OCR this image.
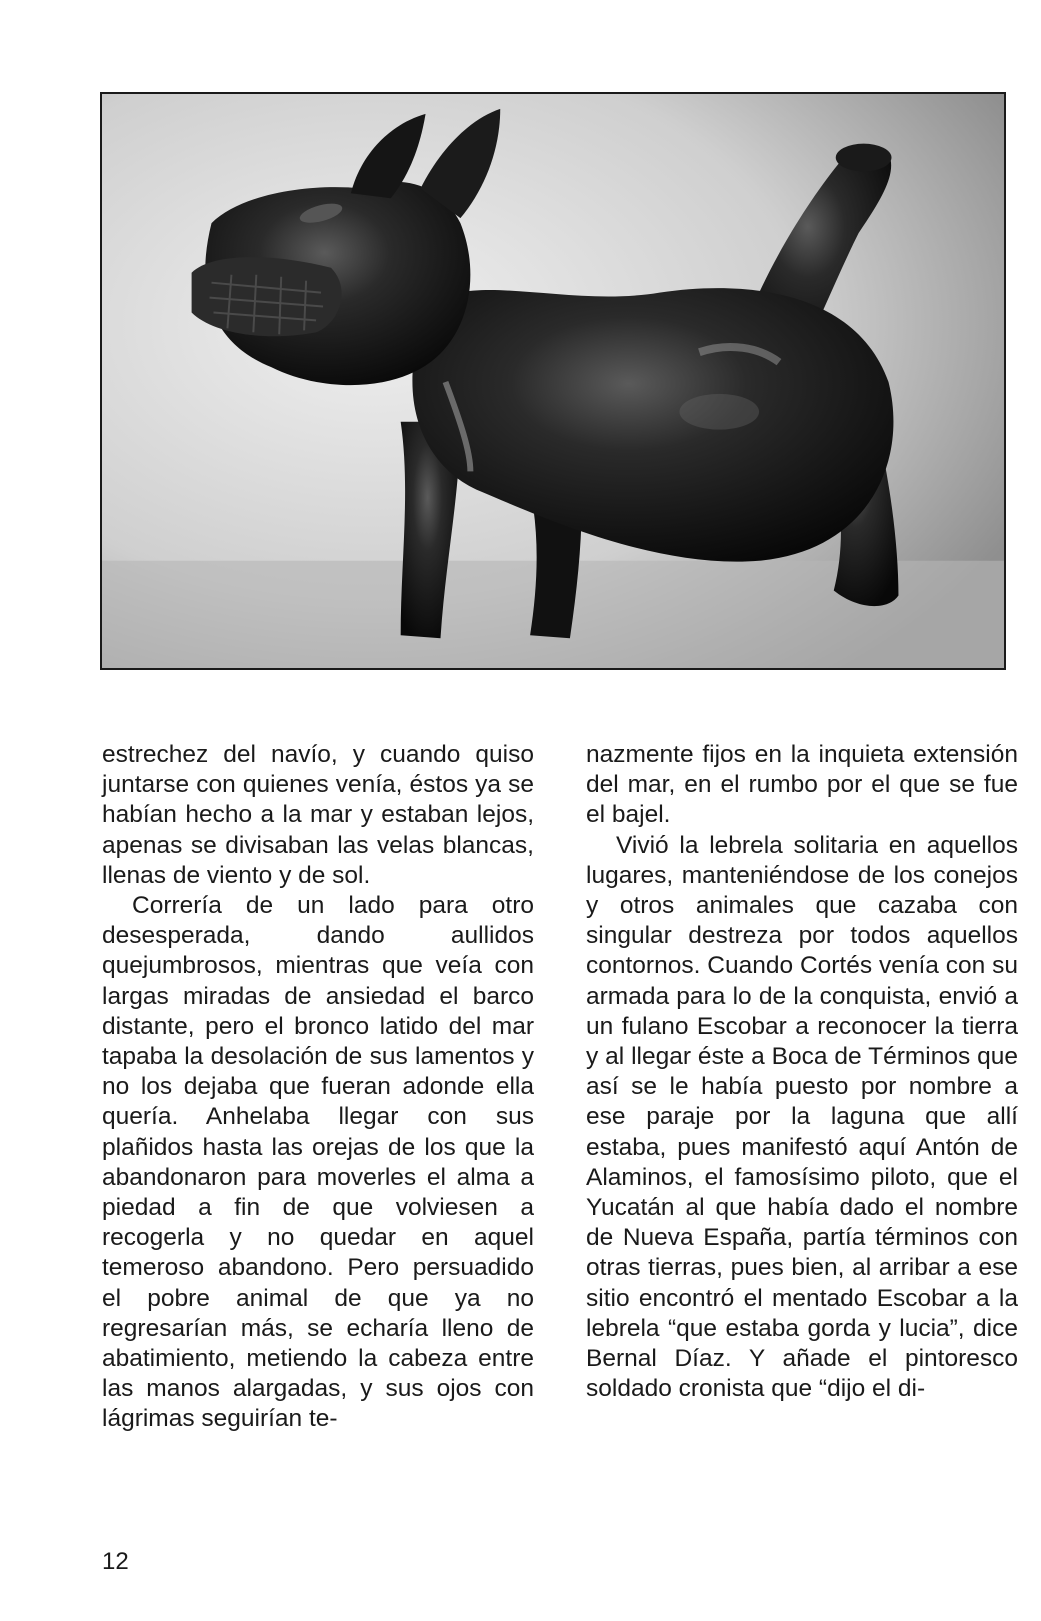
estrechez del navío, y cuando quiso juntarse con quienes venía, éstos ya se habían hecho a la mar y estaban lejos, apenas se divisaban las velas blancas, llenas de viento y de sol.

Correría de un lado para otro desesperada, dando aullidos quejumbrosos, mientras que veía con largas miradas de ansiedad el barco distante, pero el bronco latido del mar tapaba la desolación de sus lamentos y no los dejaba que fueran adonde ella quería. Anhelaba llegar con sus plañidos hasta las orejas de los que la abandonaron para moverles el alma a piedad a fin de que volviesen a recogerla y no quedar en aquel temeroso abandono. Pero persuadido el pobre animal de que ya no regresarían más, se echaría lleno de abatimiento, metiendo la cabeza entre las manos alargadas, y sus ojos con lágrimas seguirían te-

nazmente fijos en la inquieta extensión del mar, en el rumbo por el que se fue el bajel.

Vivió la lebrela solitaria en aquellos lugares, manteniéndose de los conejos y otros animales que cazaba con singular destreza por todos aquellos contornos. Cuando Cortés venía con su armada para lo de la conquista, envió a un fulano Escobar a reconocer la tierra y al llegar éste a Boca de Términos que así se le había puesto por nombre a ese paraje por la laguna que allí estaba, pues manifestó aquí Antón de Alaminos, el famosísimo piloto, que el Yucatán al que había dado el nombre de Nueva España, partía términos con otras tierras, pues bien, al arribar a ese sitio encontró el mentado Escobar a la lebrela “que estaba gorda y lucia”, dice Bernal Díaz. Y añade el pintoresco soldado cronista que “dijo el di-

12
